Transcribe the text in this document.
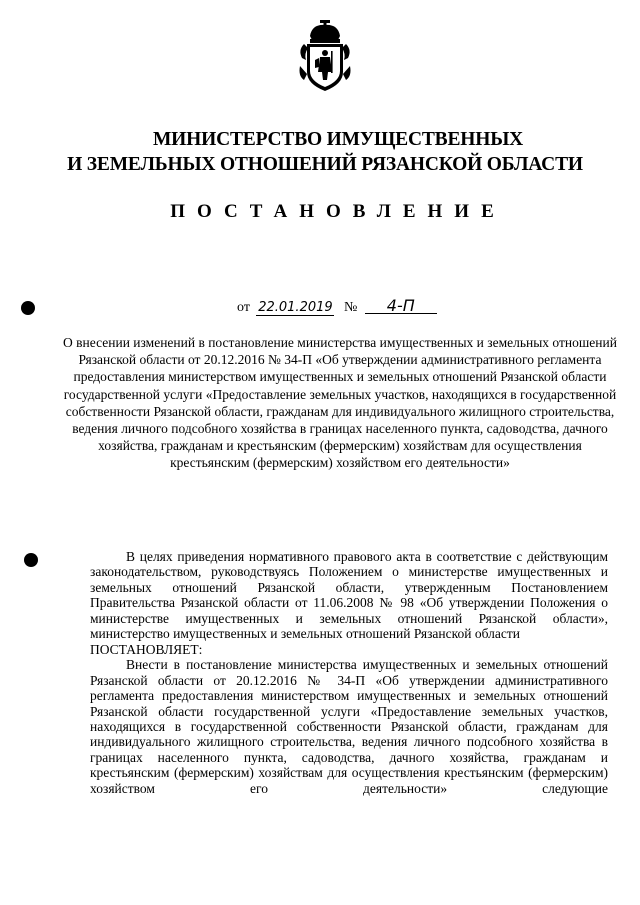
МИНИСТЕРСТВО ИМУЩЕСТВЕННЫХ
И ЗЕМЕЛЬНЫХ ОТНОШЕНИЙ РЯЗАНСКОЙ ОБЛАСТИ
ПОСТАНОВЛЕНИЕ
от 22.01.2019 № 4-П
О внесении изменений в постановление министерства имущественных и земельных отношений Рязанской области от 20.12.2016 № 34-П «Об утверждении административного регламента предоставления министерством имущественных и земельных отношений Рязанской области государственной услуги «Предоставление земельных участков, находящихся в государственной собственности Рязанской области, гражданам для индивидуального жилищного строительства, ведения личного подсобного хозяйства в границах населенного пункта, садоводства, дачного хозяйства, гражданам и крестьянским (фермерским) хозяйствам для осуществления крестьянским (фермерским) хозяйством его деятельности»

В целях приведения нормативного правового акта в соответствие с действующим законодательством, руководствуясь Положением о министерстве имущественных и земельных отношений Рязанской области, утвержденным Постановлением Правительства Рязанской области от 11.06.2008 № 98 «Об утверждении Положения о министерстве имущественных и земельных отношений Рязанской области», министерство имущественных и земельных отношений Рязанской области

ПОСТАНОВЛЯЕТ:

Внести в постановление министерства имущественных и земельных отношений Рязанской области от 20.12.2016 № 34-П «Об утверждении административного регламента предоставления министерством имущественных и земельных отношений Рязанской области государственной услуги «Предоставление земельных участков, находящихся в государственной собственности Рязанской области, гражданам для индивидуального жилищного строительства, ведения личного подсобного хозяйства в границах населенного пункта, садоводства, дачного хозяйства, гражданам и крестьянским (фермерским) хозяйствам для осуществления крестьянским (фермерским) хозяйством его деятельности» следующие
